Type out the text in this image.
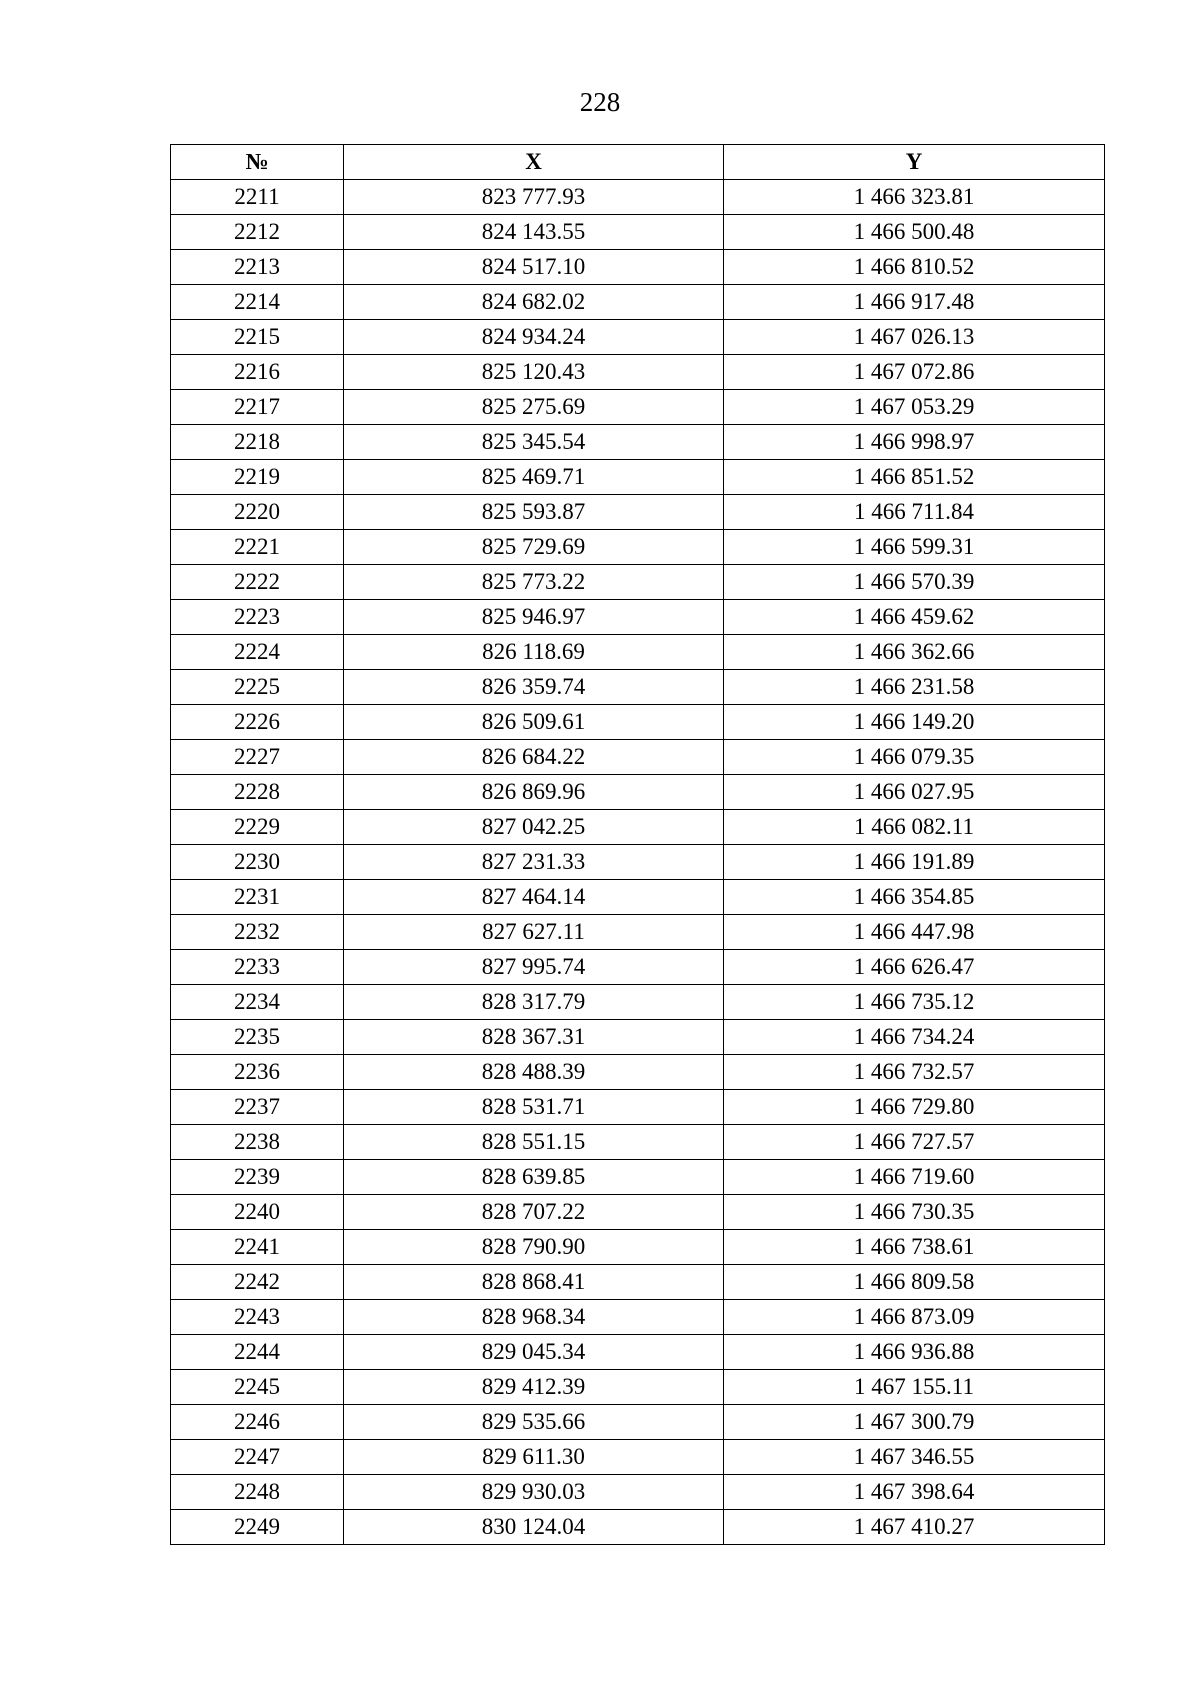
228
№	X	Y
2211	823 777.93	1 466 323.81
2212	824 143.55	1 466 500.48
2213	824 517.10	1 466 810.52
2214	824 682.02	1 466 917.48
2215	824 934.24	1 467 026.13
2216	825 120.43	1 467 072.86
2217	825 275.69	1 467 053.29
2218	825 345.54	1 466 998.97
2219	825 469.71	1 466 851.52
2220	825 593.87	1 466 711.84
2221	825 729.69	1 466 599.31
2222	825 773.22	1 466 570.39
2223	825 946.97	1 466 459.62
2224	826 118.69	1 466 362.66
2225	826 359.74	1 466 231.58
2226	826 509.61	1 466 149.20
2227	826 684.22	1 466 079.35
2228	826 869.96	1 466 027.95
2229	827 042.25	1 466 082.11
2230	827 231.33	1 466 191.89
2231	827 464.14	1 466 354.85
2232	827 627.11	1 466 447.98
2233	827 995.74	1 466 626.47
2234	828 317.79	1 466 735.12
2235	828 367.31	1 466 734.24
2236	828 488.39	1 466 732.57
2237	828 531.71	1 466 729.80
2238	828 551.15	1 466 727.57
2239	828 639.85	1 466 719.60
2240	828 707.22	1 466 730.35
2241	828 790.90	1 466 738.61
2242	828 868.41	1 466 809.58
2243	828 968.34	1 466 873.09
2244	829 045.34	1 466 936.88
2245	829 412.39	1 467 155.11
2246	829 535.66	1 467 300.79
2247	829 611.30	1 467 346.55
2248	829 930.03	1 467 398.64
2249	830 124.04	1 467 410.27
